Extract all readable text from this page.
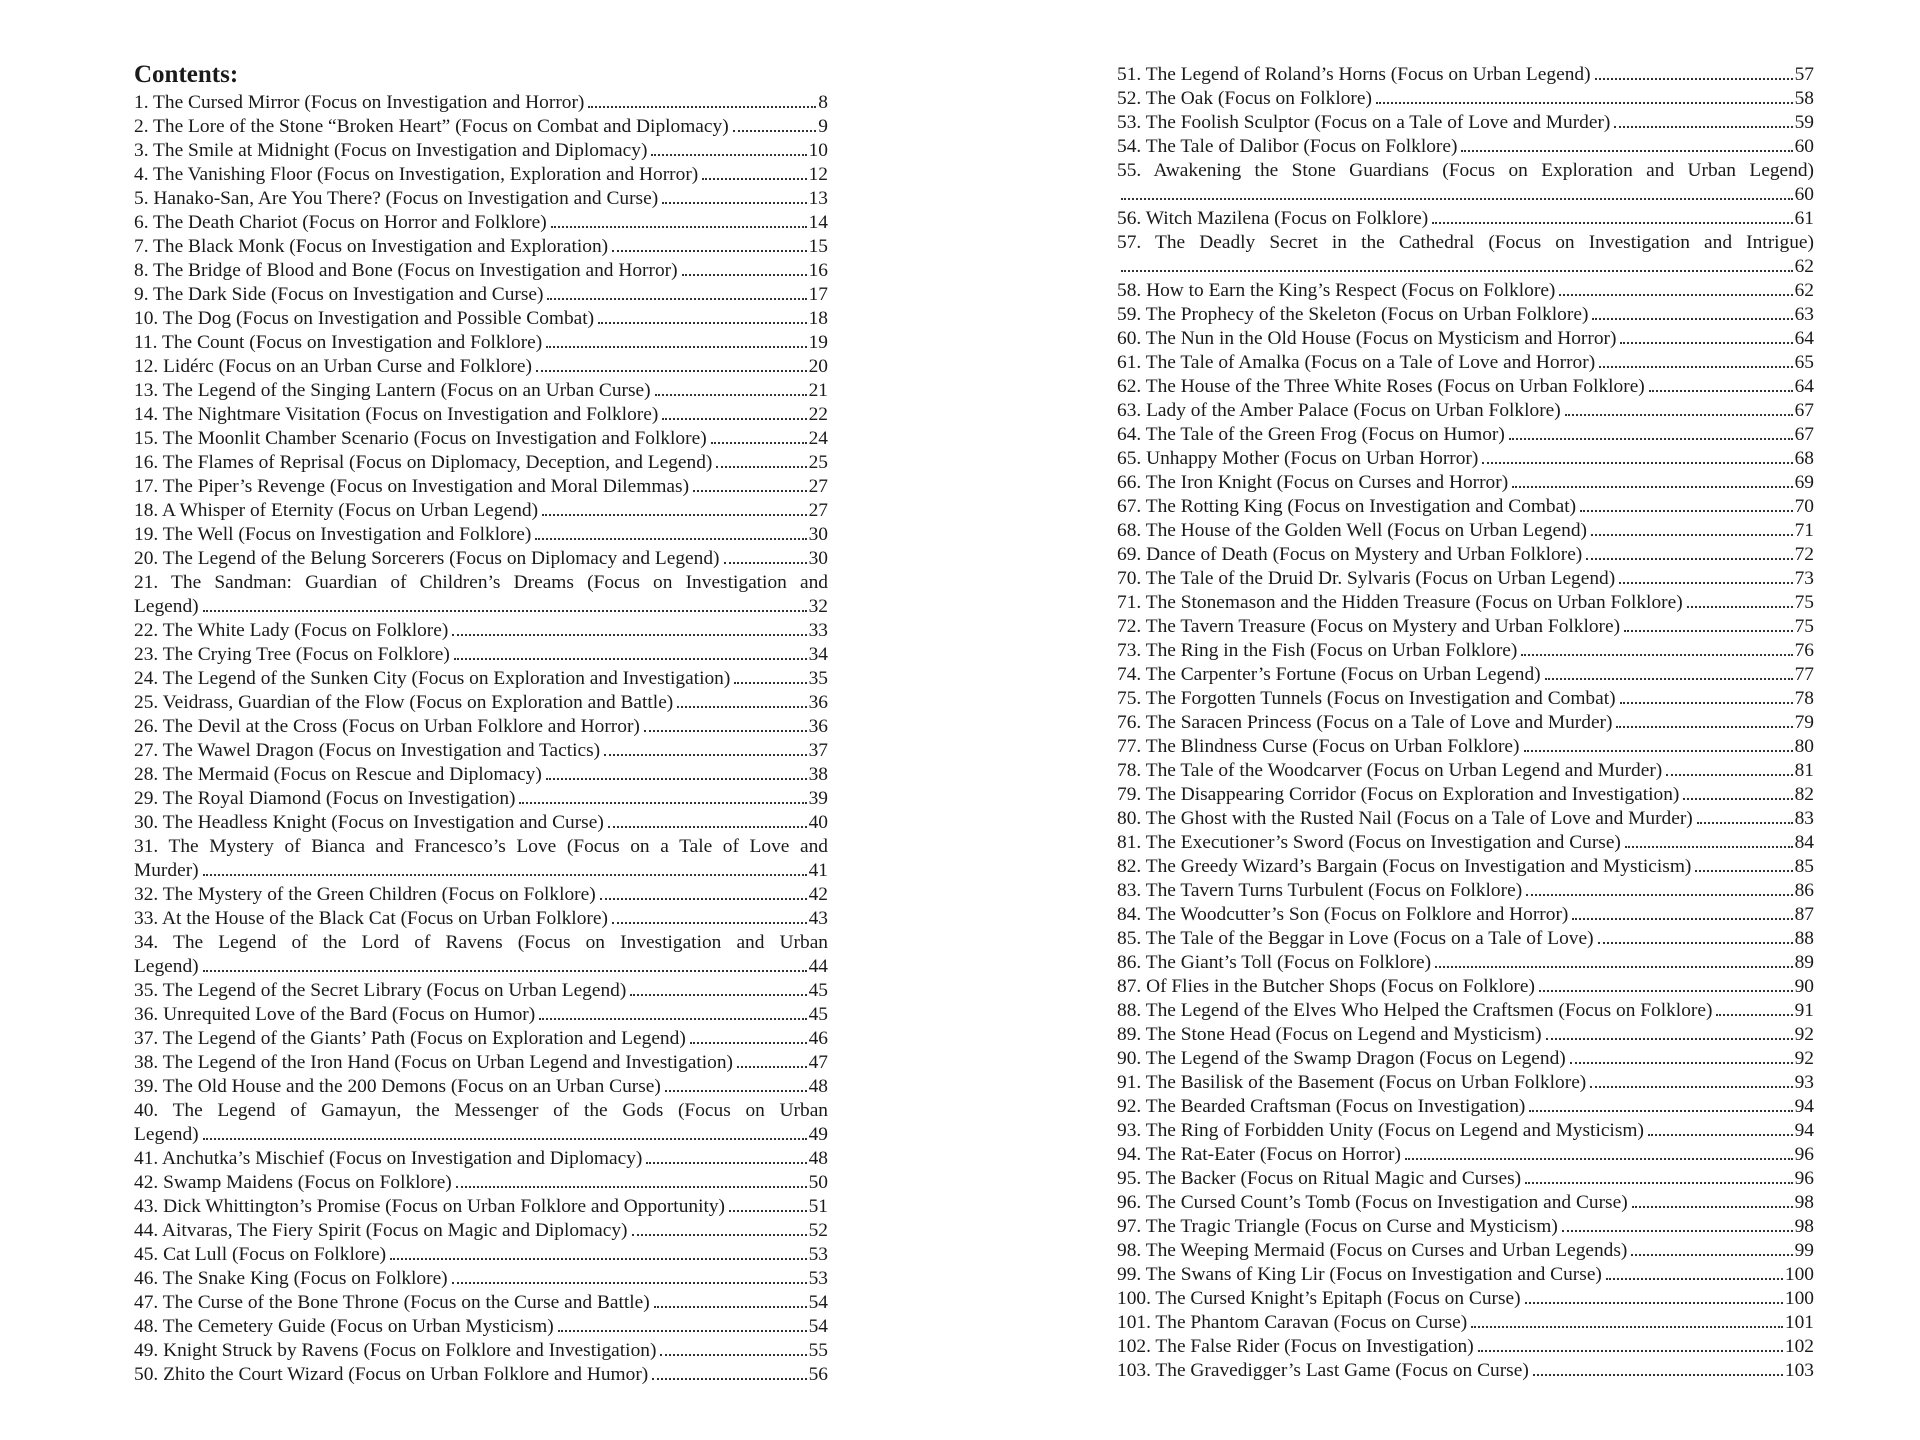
Contents:
1. The Cursed Mirror (Focus on Investigation and Horror)	8
2. The Lore of the Stone “Broken Heart” (Focus on Combat and Diplomacy)	9
3. The Smile at Midnight (Focus on Investigation and Diplomacy)	10
4. The Vanishing Floor (Focus on Investigation, Exploration and Horror)	12
5. Hanako-San, Are You There? (Focus on Investigation and Curse)	13
6. The Death Chariot (Focus on Horror and Folklore)	14
7. The Black Monk (Focus on Investigation and Exploration)	15
8. The Bridge of Blood and Bone (Focus on Investigation and Horror)	16
9. The Dark Side (Focus on Investigation and Curse)	17
10. The Dog (Focus on Investigation and Possible Combat)	18
11. The Count (Focus on Investigation and Folklore)	19
12. Lidérc (Focus on an Urban Curse and Folklore)	20
13. The Legend of the Singing Lantern (Focus on an Urban Curse)	21
14. The Nightmare Visitation (Focus on Investigation and Folklore)	22
15. The Moonlit Chamber Scenario (Focus on Investigation and Folklore)	24
16. The Flames of Reprisal (Focus on Diplomacy, Deception, and Legend)	25
17. The Piper’s Revenge (Focus on Investigation and Moral Dilemmas)	27
18. A Whisper of Eternity (Focus on Urban Legend)	27
19. The Well (Focus on Investigation and Folklore)	30
20. The Legend of the Belung Sorcerers (Focus on Diplomacy and Legend)	30
21. The Sandman: Guardian of Children’s Dreams (Focus on Investigation and
Legend)	32
22. The White Lady (Focus on Folklore)	33
23. The Crying Tree (Focus on Folklore)	34
24. The Legend of the Sunken City (Focus on Exploration and Investigation)	35
25. Veidrass, Guardian of the Flow (Focus on Exploration and Battle)	36
26. The Devil at the Cross (Focus on Urban Folklore and Horror)	36
27. The Wawel Dragon (Focus on Investigation and Tactics)	37
28. The Mermaid (Focus on Rescue and Diplomacy)	38
29. The Royal Diamond (Focus on Investigation)	39
30. The Headless Knight (Focus on Investigation and Curse)	40
31. The Mystery of Bianca and Francesco’s Love (Focus on a Tale of Love and
Murder)	41
32. The Mystery of the Green Children (Focus on Folklore)	42
33. At the House of the Black Cat (Focus on Urban Folklore)	43
34. The Legend of the Lord of Ravens (Focus on Investigation and Urban
Legend)	44
35. The Legend of the Secret Library (Focus on Urban Legend)	45
36. Unrequited Love of the Bard (Focus on Humor)	45
37. The Legend of the Giants’ Path (Focus on Exploration and Legend)	46
38. The Legend of the Iron Hand (Focus on Urban Legend and Investigation)	47
39. The Old House and the 200 Demons (Focus on an Urban Curse)	48
40. The Legend of Gamayun, the Messenger of the Gods (Focus on Urban
Legend)	49
41. Anchutka’s Mischief (Focus on Investigation and Diplomacy)	48
42. Swamp Maidens (Focus on Folklore)	50
43. Dick Whittington’s Promise (Focus on Urban Folklore and Opportunity)	51
44. Aitvaras, The Fiery Spirit (Focus on Magic and Diplomacy)	52
45. Cat Lull (Focus on Folklore)	53
46. The Snake King (Focus on Folklore)	53
47. The Curse of the Bone Throne (Focus on the Curse and Battle)	54
48. The Cemetery Guide (Focus on Urban Mysticism)	54
49. Knight Struck by Ravens (Focus on Folklore and Investigation)	55
50. Zhito the Court Wizard (Focus on Urban Folklore and Humor)	56
51. The Legend of Roland’s Horns (Focus on Urban Legend)	57
52. The Oak (Focus on Folklore)	58
53. The Foolish Sculptor (Focus on a Tale of Love and Murder)	59
54. The Tale of Dalibor (Focus on Folklore)	60
55. Awakening the Stone Guardians (Focus on Exploration and Urban Legend)
60
56. Witch Mazilena (Focus on Folklore)	61
57. The Deadly Secret in the Cathedral (Focus on Investigation and Intrigue)
62
58. How to Earn the King’s Respect (Focus on Folklore)	62
59. The Prophecy of the Skeleton (Focus on Urban Folklore)	63
60. The Nun in the Old House (Focus on Mysticism and Horror)	64
61. The Tale of Amalka (Focus on a Tale of Love and Horror)	65
62. The House of the Three White Roses (Focus on Urban Folklore)	64
63. Lady of the Amber Palace (Focus on Urban Folklore)	67
64. The Tale of the Green Frog (Focus on Humor)	67
65. Unhappy Mother (Focus on Urban Horror)	68
66. The Iron Knight (Focus on Curses and Horror)	69
67. The Rotting King (Focus on Investigation and Combat)	70
68. The House of the Golden Well (Focus on Urban Legend)	71
69. Dance of Death (Focus on Mystery and Urban Folklore)	72
70. The Tale of the Druid Dr. Sylvaris (Focus on Urban Legend)	73
71. The Stonemason and the Hidden Treasure (Focus on Urban Folklore)	75
72. The Tavern Treasure (Focus on Mystery and Urban Folklore)	75
73. The Ring in the Fish (Focus on Urban Folklore)	76
74. The Carpenter’s Fortune (Focus on Urban Legend)	77
75. The Forgotten Tunnels (Focus on Investigation and Combat)	78
76. The Saracen Princess (Focus on a Tale of Love and Murder)	79
77. The Blindness Curse (Focus on Urban Folklore)	80
78. The Tale of the Woodcarver (Focus on Urban Legend and Murder)	81
79. The Disappearing Corridor (Focus on Exploration and Investigation)	82
80. The Ghost with the Rusted Nail (Focus on a Tale of Love and Murder)	83
81. The Executioner’s Sword (Focus on Investigation and Curse)	84
82. The Greedy Wizard’s Bargain (Focus on Investigation and Mysticism)	85
83. The Tavern Turns Turbulent (Focus on Folklore)	86
84. The Woodcutter’s Son (Focus on Folklore and Horror)	87
85. The Tale of the Beggar in Love (Focus on a Tale of Love)	88
86. The Giant’s Toll (Focus on Folklore)	89
87. Of Flies in the Butcher Shops (Focus on Folklore)	90
88. The Legend of the Elves Who Helped the Craftsmen (Focus on Folklore)	91
89. The Stone Head (Focus on Legend and Mysticism)	92
90. The Legend of the Swamp Dragon (Focus on Legend)	92
91. The Basilisk of the Basement (Focus on Urban Folklore)	93
92. The Bearded Craftsman (Focus on Investigation)	94
93. The Ring of Forbidden Unity (Focus on Legend and Mysticism)	94
94. The Rat-Eater (Focus on Horror)	96
95. The Backer (Focus on Ritual Magic and Curses)	96
96. The Cursed Count’s Tomb (Focus on Investigation and Curse)	98
97. The Tragic Triangle (Focus on Curse and Mysticism)	98
98. The Weeping Mermaid (Focus on Curses and Urban Legends)	99
99. The Swans of King Lir (Focus on Investigation and Curse)	100
100. The Cursed Knight’s Epitaph (Focus on Curse)	100
101. The Phantom Caravan (Focus on Curse)	101
102. The False Rider (Focus on Investigation)	102
103. The Gravedigger’s Last Game (Focus on Curse)	103
